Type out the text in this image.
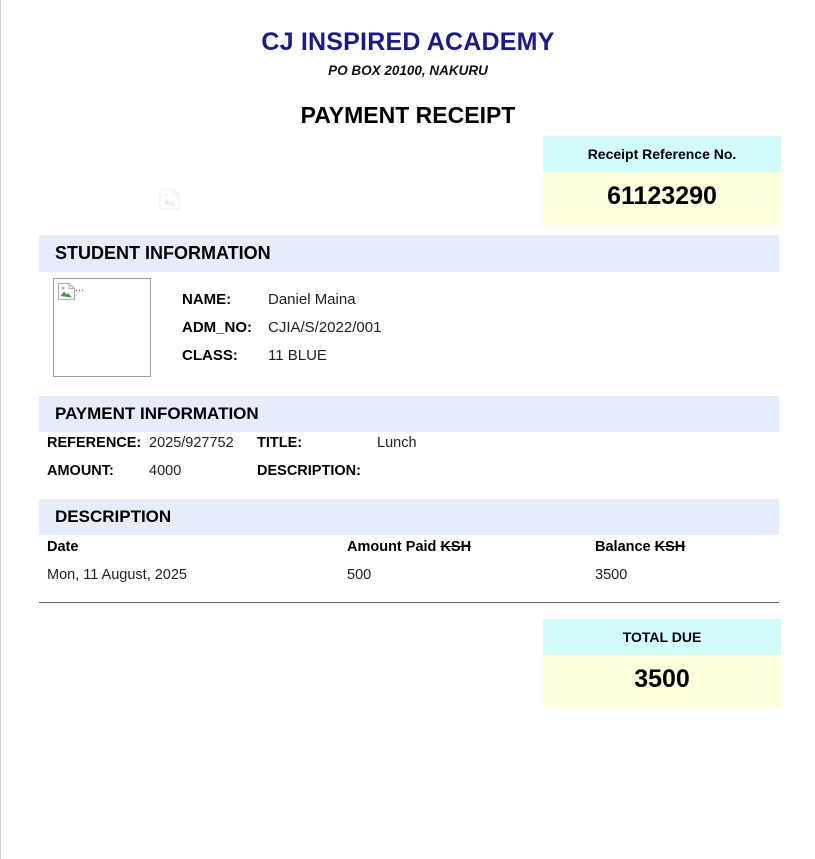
CJ INSPIRED ACADEMY
PO BOX 20100, NAKURU
PAYMENT RECEIPT
Receipt Reference No.
61123290
STUDENT INFORMATION
...
NAME:	Daniel Maina
ADM_NO:	CJIA/S/2022/001
CLASS:	11 BLUE
PAYMENT INFORMATION
REFERENCE: 2025/927752	TITLE:	Lunch
AMOUNT:	4000	DESCRIPTION:
DESCRIPTION
Date	Amount Paid KSH	Balance KSH
Mon, 11 August, 2025	500	3500
TOTAL DUE
3500
